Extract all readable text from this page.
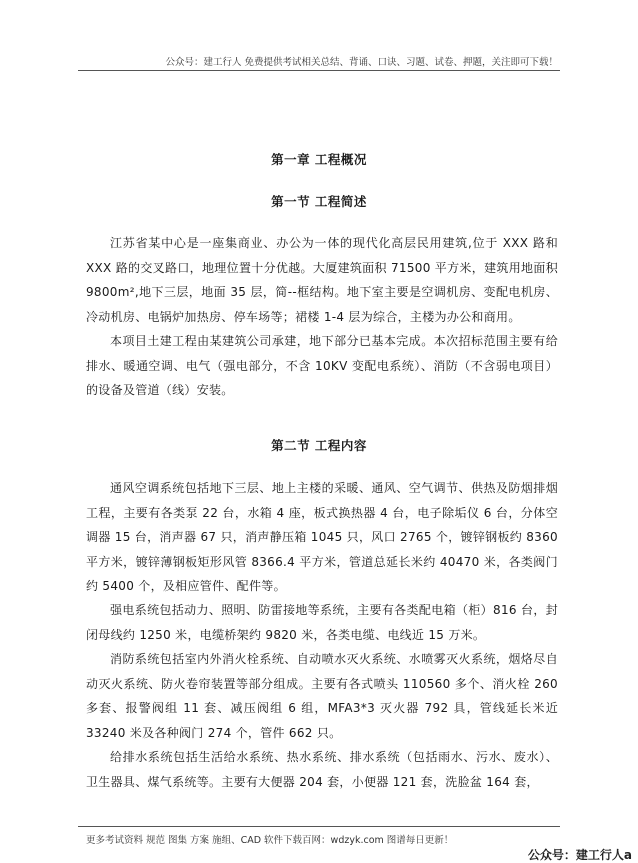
公众号：建工行人 免费提供考试相关总结、背诵、口诀、习题、试卷、押题，关注即可下载！
第一章 工程概况
第一节 工程简述

江苏省某中心是一座集商业、办公为一体的现代化高层民用建筑,位于 XXX 路和 XXX 路的交叉路口，地理位置十分优越。大厦建筑面积 71500 平方米，建筑用地面积 9800m²,地下三层，地面 35 层，简--框结构。地下室主要是空调机房、变配电机房、冷动机房、电锅炉加热房、停车场等；裙楼 1-4 层为综合，主楼为办公和商用。

本项目土建工程由某建筑公司承建，地下部分已基本完成。本次招标范围主要有给排水、暖通空调、电气（强电部分，不含 10KV 变配电系统）、消防（不含弱电项目）的设备及管道（线）安装。

第二节 工程内容

通风空调系统包括地下三层、地上主楼的采暖、通风、空气调节、供热及防烟排烟工程，主要有各类泵 22 台，水箱 4 座，板式换热器 4 台，电子除垢仪 6 台，分体空调器 15 台，消声器 67 只，消声静压箱 1045 只，风口 2765 个，镀锌钢板约 8360 平方米，镀锌薄钢板矩形风管 8366.4 平方米，管道总延长米约 40470 米，各类阀门约 5400 个，及相应管件、配件等。

强电系统包括动力、照明、防雷接地等系统，主要有各类配电箱（柜）816 台，封闭母线约 1250 米，电缆桥架约 9820 米，各类电缆、电线近 15 万米。

消防系统包括室内外消火栓系统、自动喷水灭火系统、水喷雾灭火系统，烟烙尽自动灭火系统、防火卷帘装置等部分组成。主要有各式喷头 110560 多个、消火栓 260 多套、报警阀组 11 套、减压阀组 6 组，MFA3*3 灭火器 792 具，管线延长米近 33240 米及各种阀门 274 个，管件 662 只。

给排水系统包括生活给水系统、热水系统、排水系统（包括雨水、污水、废水）、卫生器具、煤气系统等。主要有大便器 204 套，小便器 121 套，洗脸盆 164 套，

更多考试资料 规范 图集 方案 施组、CAD 软件下载百网：wdzyk.com 图谱每日更新！
公众号：建工行人a
